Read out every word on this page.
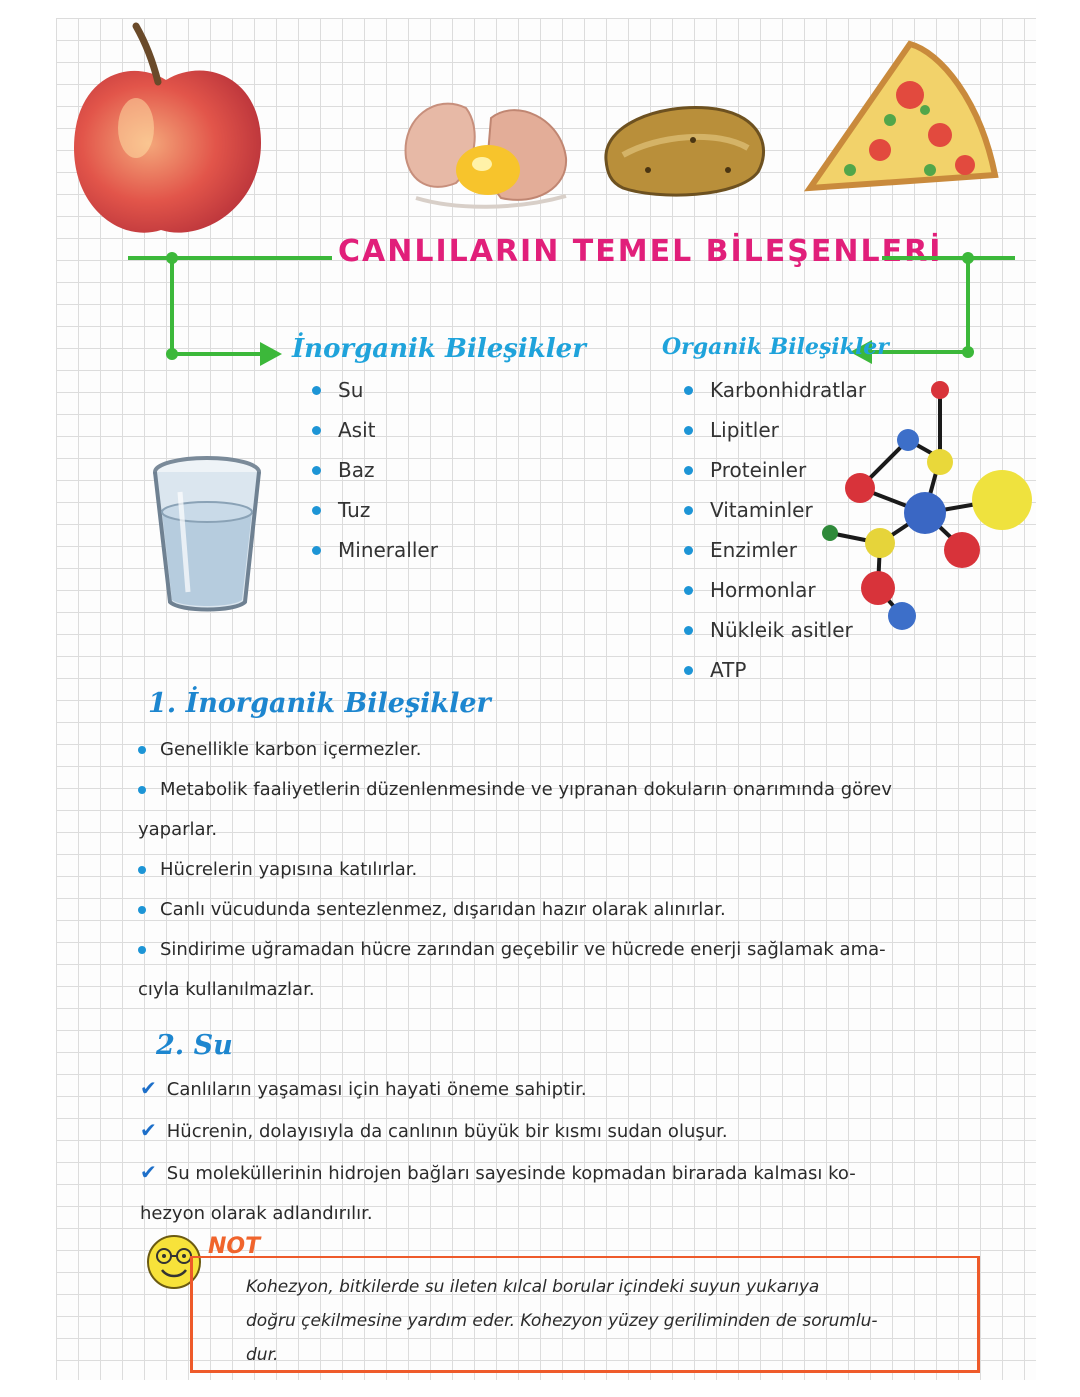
CANLILARIN TEMEL BİLEŞENLERİ
İnorganik Bileşikler	Organik Bileşikler
Su
Asit
Baz
Tuz
Mineraller
Karbonhidratlar
Lipitler
Proteinler
Vitaminler
Enzimler
Hormonlar
Nükleik asitler
ATP
1. İnorganik Bileşikler

Genellikle karbon içermezler.

Metabolik faaliyetlerin düzenlenmesinde ve yıpranan dokuların onarımında görev

yaparlar.

Hücrelerin yapısına katılırlar.

Canlı vücudunda sentezlenmez, dışarıdan hazır olarak alınırlar.

Sindirime uğramadan hücre zarından geçebilir ve hücrede enerji sağlamak ama-

cıyla kullanılmazlar.

2. Su

✔ Canlıların yaşaması için hayati öneme sahiptir.

✔ Hücrenin, dolayısıyla da canlının büyük bir kısmı sudan oluşur.

✔ Su moleküllerinin hidrojen bağları sayesinde kopmadan birarada kalması ko-

hezyon olarak adlandırılır.

NOT
Kohezyon, bitkilerde su ileten kılcal borular içindeki suyun yukarıya
doğru çekilmesine yardım eder. Kohezyon yüzey geriliminden de sorumlu-
dur.
